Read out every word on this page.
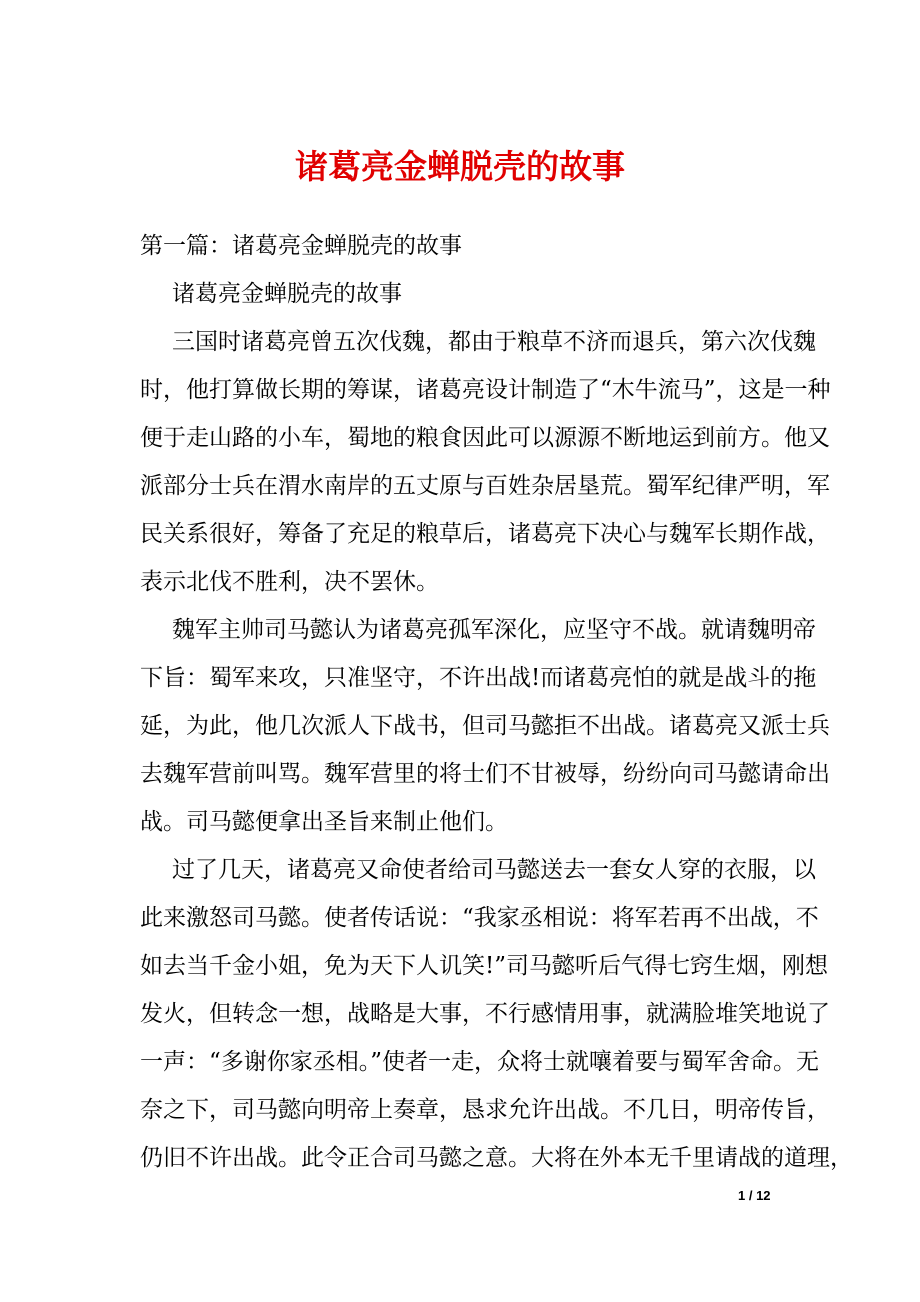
诸葛亮金蝉脱壳的故事
第一篇：诸葛亮金蝉脱壳的故事
诸葛亮金蝉脱壳的故事
三国时诸葛亮曾五次伐魏，都由于粮草不济而退兵，第六次伐魏
时，他打算做长期的筹谋，诸葛亮设计制造了“木牛流马”，这是一种
便于走山路的小车，蜀地的粮食因此可以源源不断地运到前方。他又
派部分士兵在渭水南岸的五丈原与百姓杂居垦荒。蜀军纪律严明，军
民关系很好，筹备了充足的粮草后，诸葛亮下决心与魏军长期作战，
表示北伐不胜利，决不罢休。
魏军主帅司马懿认为诸葛亮孤军深化，应坚守不战。就请魏明帝
下旨：蜀军来攻，只准坚守，不许出战!而诸葛亮怕的就是战斗的拖
延，为此，他几次派人下战书，但司马懿拒不出战。诸葛亮又派士兵
去魏军营前叫骂。魏军营里的将士们不甘被辱，纷纷向司马懿请命出
战。司马懿便拿出圣旨来制止他们。
过了几天，诸葛亮又命使者给司马懿送去一套女人穿的衣服，以
此来激怒司马懿。使者传话说：“我家丞相说：将军若再不出战，不
如去当千金小姐，免为天下人讥笑!”司马懿听后气得七窍生烟，刚想
发火，但转念一想，战略是大事，不行感情用事，就满脸堆笑地说了
一声：“多谢你家丞相。”使者一走，众将士就嚷着要与蜀军舍命。无
奈之下，司马懿向明帝上奏章，恳求允许出战。不几日，明帝传旨，
仍旧不许出战。此令正合司马懿之意。大将在外本无千里请战的道理，
1 / 12
